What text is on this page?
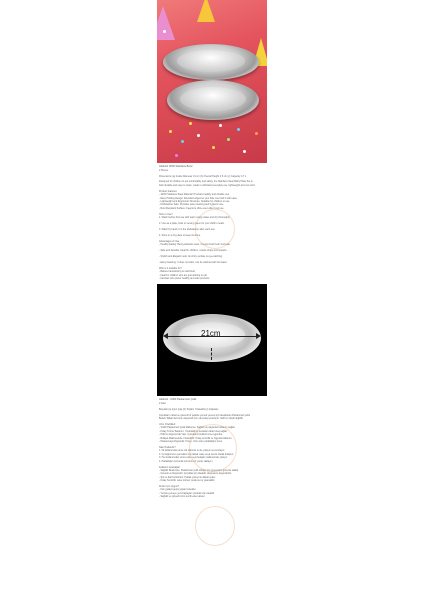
Akdeniz 0003 Stainless Bowl
2 Pieces
Dimensions (a) Inside Diameter 21 cm (b) Overall Height 4.5 cm (c) Capacity 0.7 L
Designed for children to eat comfortably and safely, the Stainless Steel Baby Plate Set is
both durable and easy to clean, made to withstand everyday use, lightweight and non-toxic.
Product features:
- 100% Stainless Steel Material: Provides healthy and durable use.
- Easy Holding Design: Rounded edges let your little one hold it with ease.
- Lightweight and Ergonomic Structure: Suitable for children to use.
- Dishwasher Safe: Provides easy cleaning and hygienic use.
- Rust Resistant Surface: Keeps its shine even after long use.
How to Use?
1. Wash before first use with warm soapy water and dry thoroughly.
2. Use as a plate, bowl or serving piece for your child's meals.
3. Wash by hand or in the dishwasher after each use.
4. Store in a dry place to keep its shine.
Advantages of Use:
- Healthy Eating: Being stainless steel, it keeps food fresh and safe.
- Safe and Durable: Ideal for children, resists drops and impacts.
- Stylish and Elegant Look: Its shiny surface is eye-catching.
- Easy Cleaning: It does not stain, can be washed with hot water.
Who is it suitable for?
- Babies transitioning to solid food
- Ideal for children who are just starting to eat
- Families who prefer healthy and safe products
21cm
Akdeniz - 0003 Paslanmaz Çelik
2 Adet
Boyutlar (a) İçten Çap (b) Toplam Yükseklik (c) Kapasite
Çocukların rahat ve güvenli bir şekilde yemek yemesi için tasarlanan Paslanmaz Çelik
Bebek Tabak Seti hem dayanıklı hem de kolay temizlenir, hafif ve toksik değildir.
Ürün Özellikleri:
- %100 Paslanmaz Çelik Malzeme: Sağlıklı ve dayanıklı kullanım sağlar.
- Kolay Tutma Tasarımı: Yuvarlatılmış kenarlar rahat tutuş sağlar.
- Hafif ve Ergonomik Yapı: Çocukların kullanımına uygundur.
- Bulaşık Makinesinde Yıkanabilir: Kolay temizlik ve hijyenik kullanım.
- Paslanmaya Dayanıklı Yüzey: Uzun süre parlaklığını korur.
Nasıl Kullanılır?
1. İlk kullanımdan önce ılık sabunlu su ile yıkayın ve kurulayın.
2. Çocuğunuzun yemekleri için tabak, kase veya servis olarak kullanın.
3. Her kullanımdan sonra elde veya bulaşık makinesinde yıkayın.
4. Parlaklığını korumak için kuru bir yerde saklayın.
Kullanım Avantajları:
- Sağlıklı Beslenme: Paslanmaz çelik olduğu için yiyecekleri güvenle saklar.
- Güvenli ve Dayanıklı: Çocuklar için idealdir, düşmelere dayanıklıdır.
- Şık ve Zarif Görünüm: Parlak yüzeyi ile dikkat çeker.
- Kolay Temizlik: Leke tutmaz, sıcak su ile yıkanabilir.
Kimler İçin Uygun?
- Katı gıdaya geçiş yapan bebekler
- Yemek yemeye yeni başlayan çocuklar için idealdir
- Sağlıklı ve güvenli ürün tercih eden aileler
